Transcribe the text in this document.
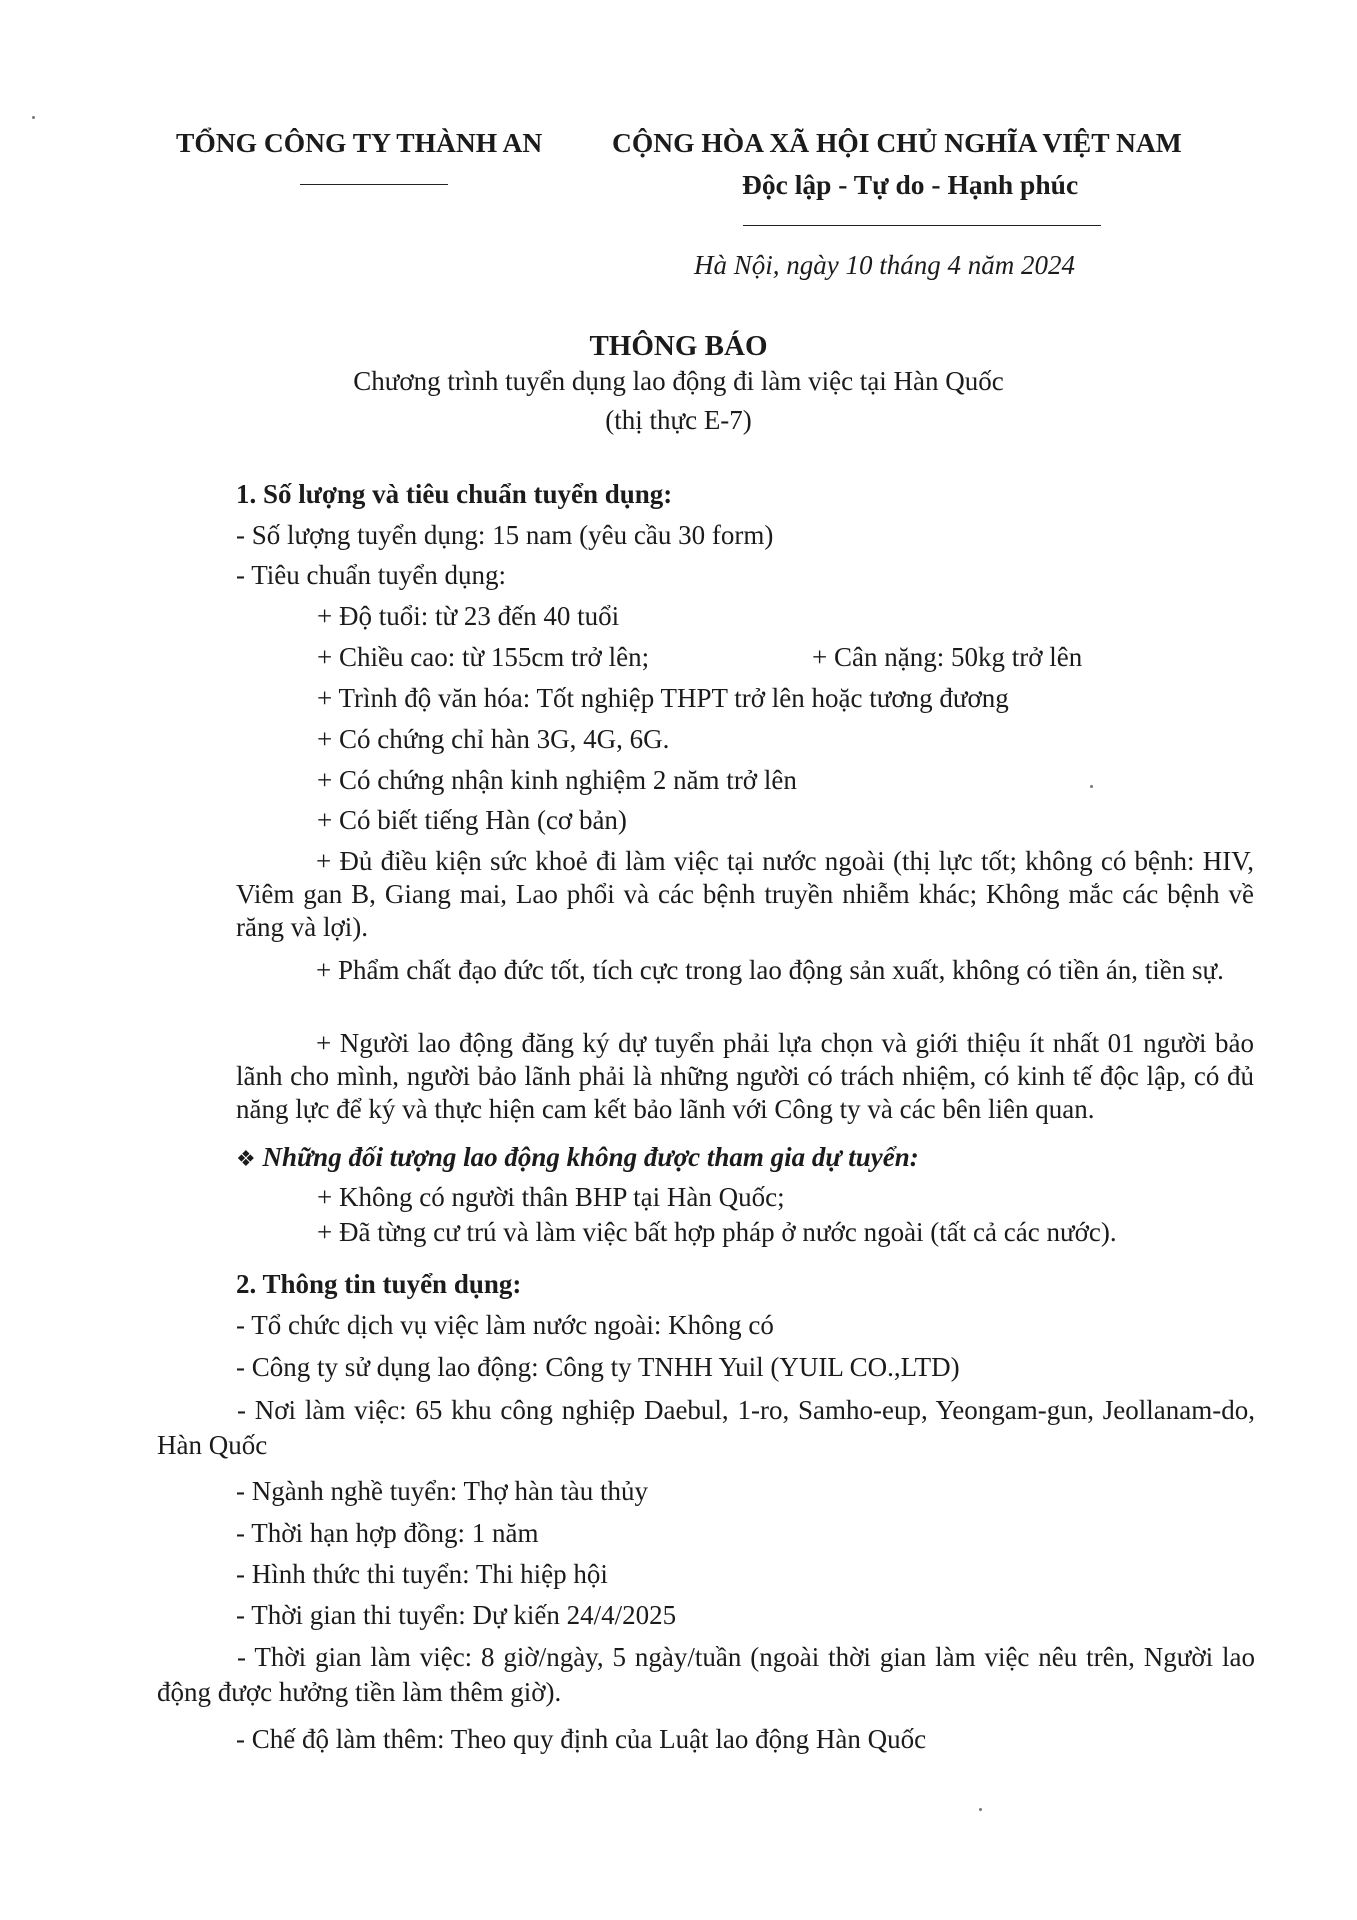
TỔNG CÔNG TY THÀNH AN	CỘNG HÒA XÃ HỘI CHỦ NGHĨA VIỆT NAM
Độc lập - Tự do - Hạnh phúc
Hà Nội, ngày 10 tháng 4 năm 2024
THÔNG BÁO
Chương trình tuyển dụng lao động đi làm việc tại Hàn Quốc
(thị thực E-7)
1. Số lượng và tiêu chuẩn tuyển dụng:
- Số lượng tuyển dụng: 15 nam (yêu cầu 30 form)
- Tiêu chuẩn tuyển dụng:
+ Độ tuổi: từ 23 đến 40 tuổi
+ Chiều cao: từ 155cm trở lên;	+ Cân nặng: 50kg trở lên
+ Trình độ văn hóa: Tốt nghiệp THPT trở lên hoặc tương đương
+ Có chứng chỉ hàn 3G, 4G, 6G.
+ Có chứng nhận kinh nghiệm 2 năm trở lên
+ Có biết tiếng Hàn (cơ bản)
+ Đủ điều kiện sức khoẻ đi làm việc tại nước ngoài (thị lực tốt; không có bệnh: HIV, Viêm gan B, Giang mai, Lao phổi và các bệnh truyền nhiễm khác; Không mắc các bệnh về răng và lợi).
+ Phẩm chất đạo đức tốt, tích cực trong lao động sản xuất, không có tiền án, tiền sự.
+ Người lao động đăng ký dự tuyển phải lựa chọn và giới thiệu ít nhất 01 người bảo lãnh cho mình, người bảo lãnh phải là những người có trách nhiệm, có kinh tế độc lập, có đủ năng lực để ký và thực hiện cam kết bảo lãnh với Công ty và các bên liên quan.
❖ Những đối tượng lao động không được tham gia dự tuyển:
+ Không có người thân BHP tại Hàn Quốc;
+ Đã từng cư trú và làm việc bất hợp pháp ở nước ngoài (tất cả các nước).
2. Thông tin tuyển dụng:
- Tổ chức dịch vụ việc làm nước ngoài: Không có
- Công ty sử dụng lao động: Công ty TNHH Yuil (YUIL CO.,LTD)
- Nơi làm việc: 65 khu công nghiệp Daebul, 1-ro, Samho-eup, Yeongam-gun, Jeollanam-do, Hàn Quốc
- Ngành nghề tuyển: Thợ hàn tàu thủy
- Thời hạn hợp đồng: 1 năm
- Hình thức thi tuyển: Thi hiệp hội
- Thời gian thi tuyển: Dự kiến 24/4/2025
- Thời gian làm việc: 8 giờ/ngày, 5 ngày/tuần (ngoài thời gian làm việc nêu trên, Người lao động được hưởng tiền làm thêm giờ).
- Chế độ làm thêm: Theo quy định của Luật lao động Hàn Quốc
